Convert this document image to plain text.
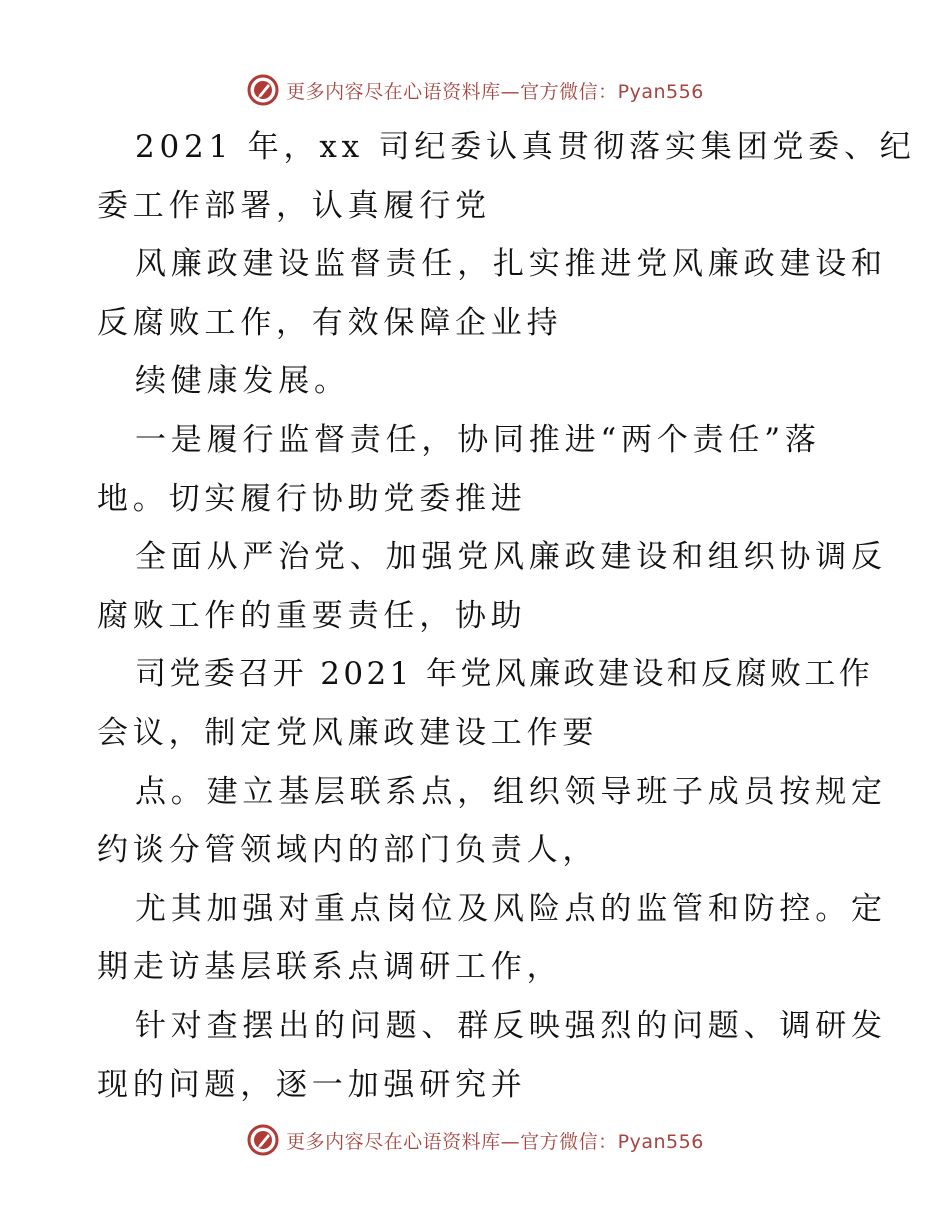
更多内容尽在心语资料库—官方微信：Pyan556
2021 年，xx 司纪委认真贯彻落实集团党委、纪
委工作部署，认真履行党
风廉政建设监督责任，扎实推进党风廉政建设和
反腐败工作，有效保障企业持
续健康发展。
一是履行监督责任，协同推进“两个责任”落
地。切实履行协助党委推进
全面从严治党、加强党风廉政建设和组织协调反
腐败工作的重要责任，协助
司党委召开 2021 年党风廉政建设和反腐败工作
会议，制定党风廉政建设工作要
点。建立基层联系点，组织领导班子成员按规定
约谈分管领域内的部门负责人，
尤其加强对重点岗位及风险点的监管和防控。定
期走访基层联系点调研工作，
针对查摆出的问题、群反映强烈的问题、调研发
现的问题，逐一加强研究并
更多内容尽在心语资料库—官方微信：Pyan556
